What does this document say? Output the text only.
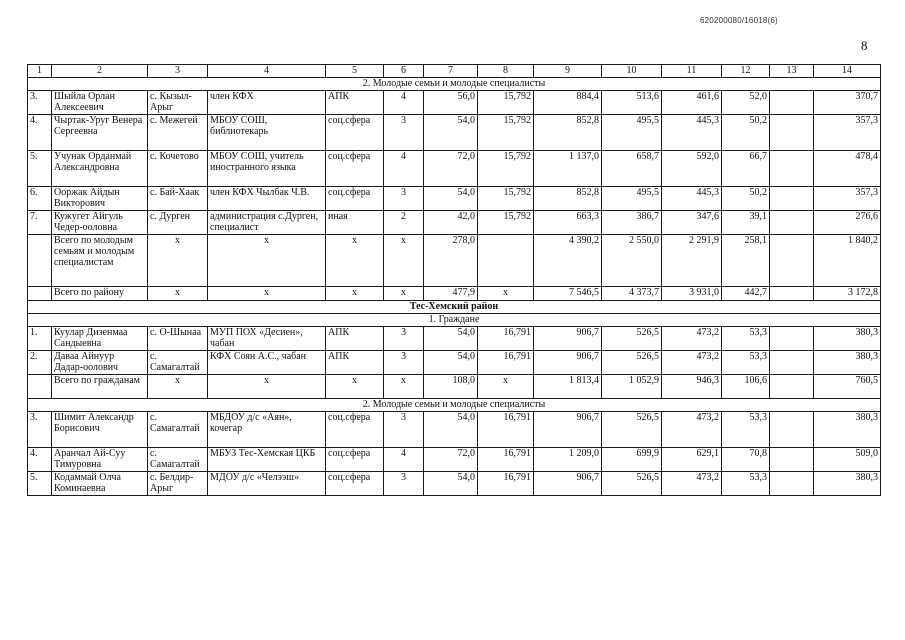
620200080/16018(6)
8
1	2	3	4	5	6	7	8	9	10	11	12	13	14
2. Молодые семьи и молодые специалисты													
3.	Шыйла Орлан Алексеевич	с. Кызыл-Арыг	член КФХ	АПК	4	56,0	15,792	884,4	513,6	461,6	52,0		370,7
4.	Чыртак-Уруг Венера Сергеевна	с. Межегей	МБОУ СОШ, библиотекарь	соц.сфера	3	54,0	15,792	852,8	495,5	445,3	50,2		357,3
5.	Учунак Орданмай Александровна	с. Кочетово	МБОУ СОШ, учитель иностранного языка	соц.сфера	4	72,0	15,792	1 137,0	658,7	592,0	66,7		478,4
6.	Ооржак Айдын Викторович	с. Бай-Хаак	член КФХ Чылбак Ч.В.	соц.сфера	3	54,0	15,792	852,8	495,5	445,3	50,2		357,3
7.	Кужугет Айгуль Чедер-ооловна	с. Дурген	администрация с.Дурген, специалист	иная	2	42,0	15,792	663,3	386,7	347,6	39,1		276,6
	Всего по молодым семьям и молодым специалистам	х	х	х	х	278,0		4 390,2	2 550,0	2 291,9	258,1		1 840,2
	Всего по району	х	х	х	х	477,9	х	7 546,5	4 373,7	3 931,0	442,7		3 172,8
Тес-Хемский район													
1. Граждане													
1.	Куулар Дизенмаа Сандыевна	с. О-Шынаа	МУП ПОХ «Десиен», чабан	АПК	3	54,0	16,791	906,7	526,5	473,2	53,3		380,3
2.	Даваа Айнуур Дадар-оолович	с. Самагалтай	КФХ Соян А.С., чабан	АПК	3	54,0	16,791	906,7	526,5	473,2	53,3		380,3
	Всего по гражданам	х	х	х	х	108,0	х	1 813,4	1 052,9	946,3	106,6		760,5
2. Молодые семьи и молодые специалисты													
3.	Шимит Александр Борисович	с. Самагалтай	МБДОУ д/с «Аян», кочегар	соц.сфера	3	54,0	16,791	906,7	526,5	473,2	53,3		380,3
4.	Аранчал Ай-Суу Тимуровна	с. Самагалтай	МБУЗ Тес-Хемская ЦКБ	соц.сфера	4	72,0	16,791	1 209,0	699,9	629,1	70,8		509,0
5.	Кодаммай Олча Коминаевна	с. Белдир-Арыг	МДОУ д/с «Челээш»	соц.сфера	3	54,0	16,791	906,7	526,5	473,2	53,3		380,3
